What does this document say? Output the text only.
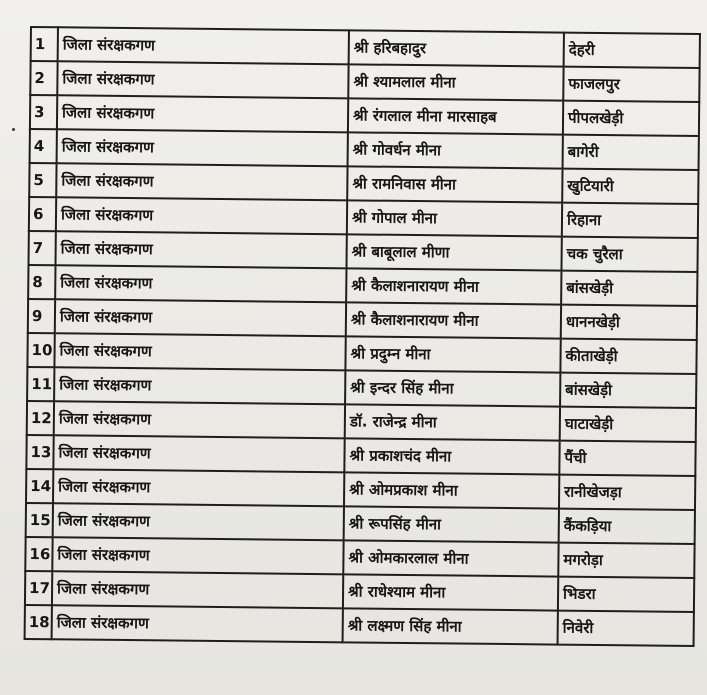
1	जिला संरक्षकगण	श्री हरिबहादुर	देहरी
2	जिला संरक्षकगण	श्री श्यामलाल मीना	फाजलपुर
3	जिला संरक्षकगण	श्री रंगलाल मीना मारसाहब	पीपलखेड़ी
4	जिला संरक्षकगण	श्री गोवर्धन मीना	बागेरी
5	जिला संरक्षकगण	श्री रामनिवास मीना	खुटियारी
6	जिला संरक्षकगण	श्री गोपाल मीना	रिहाना
7	जिला संरक्षकगण	श्री बाबूलाल मीणा	चक चुरैला
8	जिला संरक्षकगण	श्री कैलाशनारायण मीना	बांसखेड़ी
9	जिला संरक्षकगण	श्री कैलाशनारायण मीना	धाननखेड़ी
10	जिला संरक्षकगण	श्री प्रदुम्न मीना	कीताखेड़ी
11	जिला संरक्षकगण	श्री इन्दर सिंह मीना	बांसखेड़ी
12	जिला संरक्षकगण	डॉ. राजेन्द्र मीना	घाटाखेड़ी
13	जिला संरक्षकगण	श्री प्रकाशचंद मीना	पैंची
14	जिला संरक्षकगण	श्री ओमप्रकाश मीना	रानीखेजड़ा
15	जिला संरक्षकगण	श्री रूपसिंह मीना	कैंकड़िया
16	जिला संरक्षकगण	श्री ओमकारलाल मीना	मगरोड़ा
17	जिला संरक्षकगण	श्री राधेश्याम मीना	भिडरा
18	जिला संरक्षकगण	श्री लक्ष्मण सिंह मीना	निवेरी
